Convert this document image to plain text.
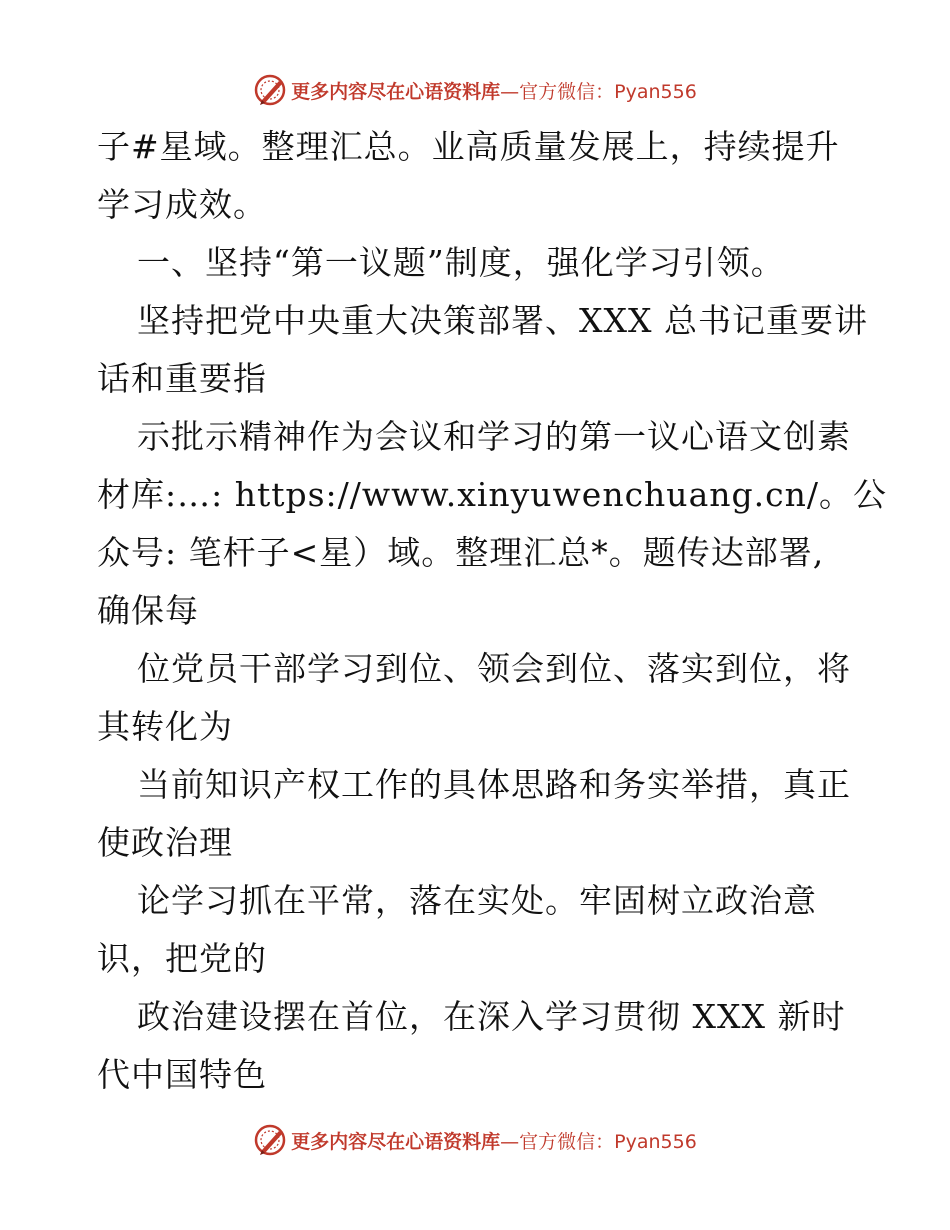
更多内容尽在心语资料库 —官方微信：Pyan556
子#星域。整理汇总。业高质量发展上，持续提升
学习成效。
一、坚持“第一议题”制度，强化学习引领。
坚持把党中央重大决策部署、XXX 总书记重要讲
话和重要指
示批示精神作为会议和学习的第一议心语文创素
材库:…: https://www.xinyuwenchuang.cn/。公
众号: 笔杆子<星）域。整理汇总*。题传达部署,
确保每
位党员干部学习到位、领会到位、落实到位，将
其转化为
当前知识产权工作的具体思路和务实举措，真正
使政治理
论学习抓在平常，落在实处。牢固树立政治意
识，把党的
政治建设摆在首位，在深入学习贯彻 XXX 新时
代中国特色
更多内容尽在心语资料库 —官方微信：Pyan556
